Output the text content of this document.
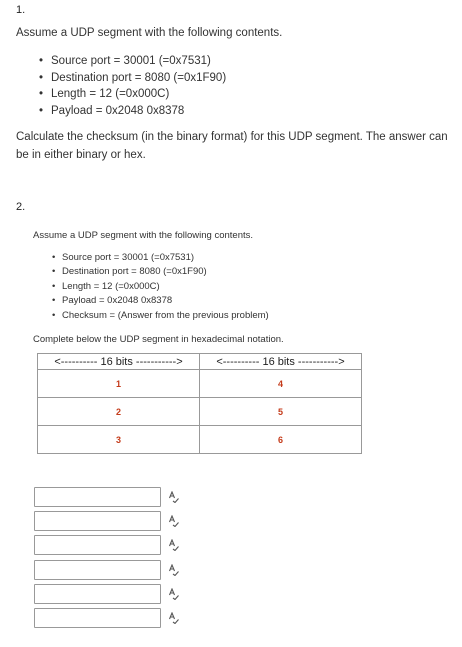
1.
Assume a UDP segment with the following contents.
• Source port = 30001 (=0x7531)
• Destination port = 8080 (=0x1F90)
• Length = 12 (=0x000C)
• Payload = 0x2048 0x8378
Calculate the checksum (in the binary format) for this UDP segment. The answer can be in either binary or hex.
2.
Assume a UDP segment with the following contents.
• Source port = 30001 (=0x7531)
• Destination port = 8080 (=0x1F90)
• Length = 12 (=0x000C)
• Payload = 0x2048 0x8378
• Checksum = (Answer from the previous problem)
Complete below the UDP segment in hexadecimal notation.
<---------- 16 bits ----------->	<---------- 16 bits ----------->
1	4
2	5
3	6
